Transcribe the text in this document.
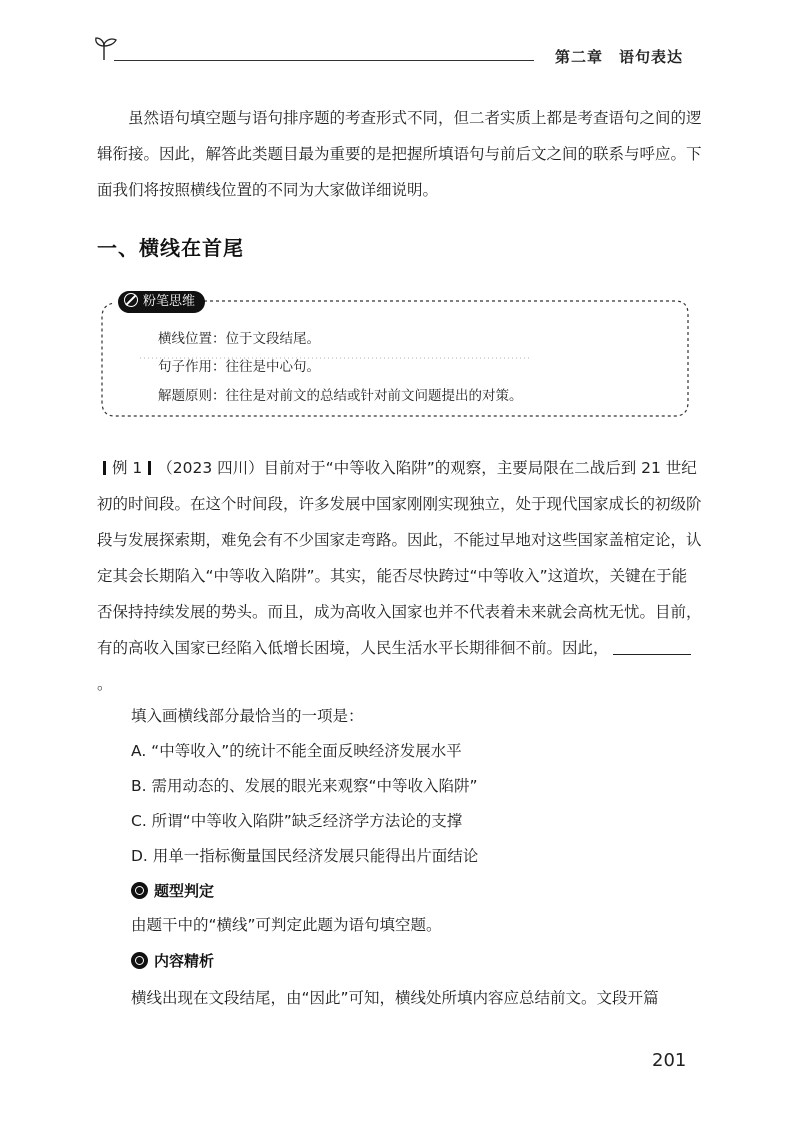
第二章 语句表达
虽然语句填空题与语句排序题的考查形式不同，但二者实质上都是考查语句之间的逻辑衔接。因此，解答此类题目最为重要的是把握所填语句与前后文之间的联系与呼应。下面我们将按照横线位置的不同为大家做详细说明。
一、横线在首尾
粉笔思维
横线位置：位于文段结尾。
句子作用：往往是中心句。
解题原则：往往是对前文的总结或针对前文问题提出的对策。
例 1 （2023 四川）目前对于“中等收入陷阱”的观察，主要局限在二战后到 21 世纪初的时间段。在这个时间段，许多发展中国家刚刚实现独立，处于现代国家成长的初级阶段与发展探索期，难免会有不少国家走弯路。因此，不能过早地对这些国家盖棺定论，认定其会长期陷入“中等收入陷阱”。其实，能否尽快跨过“中等收入”这道坎，关键在于能否保持持续发展的势头。而且，成为高收入国家也并不代表着未来就会高枕无忧。目前，有的高收入国家已经陷入低增长困境，人民生活水平长期徘徊不前。因此，。
填入画横线部分最恰当的一项是：
A. “中等收入”的统计不能全面反映经济发展水平
B. 需用动态的、发展的眼光来观察“中等收入陷阱”
C. 所谓“中等收入陷阱”缺乏经济学方法论的支撑
D. 用单一指标衡量国民经济发展只能得出片面结论
题型判定
由题干中的“横线”可判定此题为语句填空题。
内容精析
横线出现在文段结尾，由“因此”可知，横线处所填内容应总结前文。文段开篇
201
